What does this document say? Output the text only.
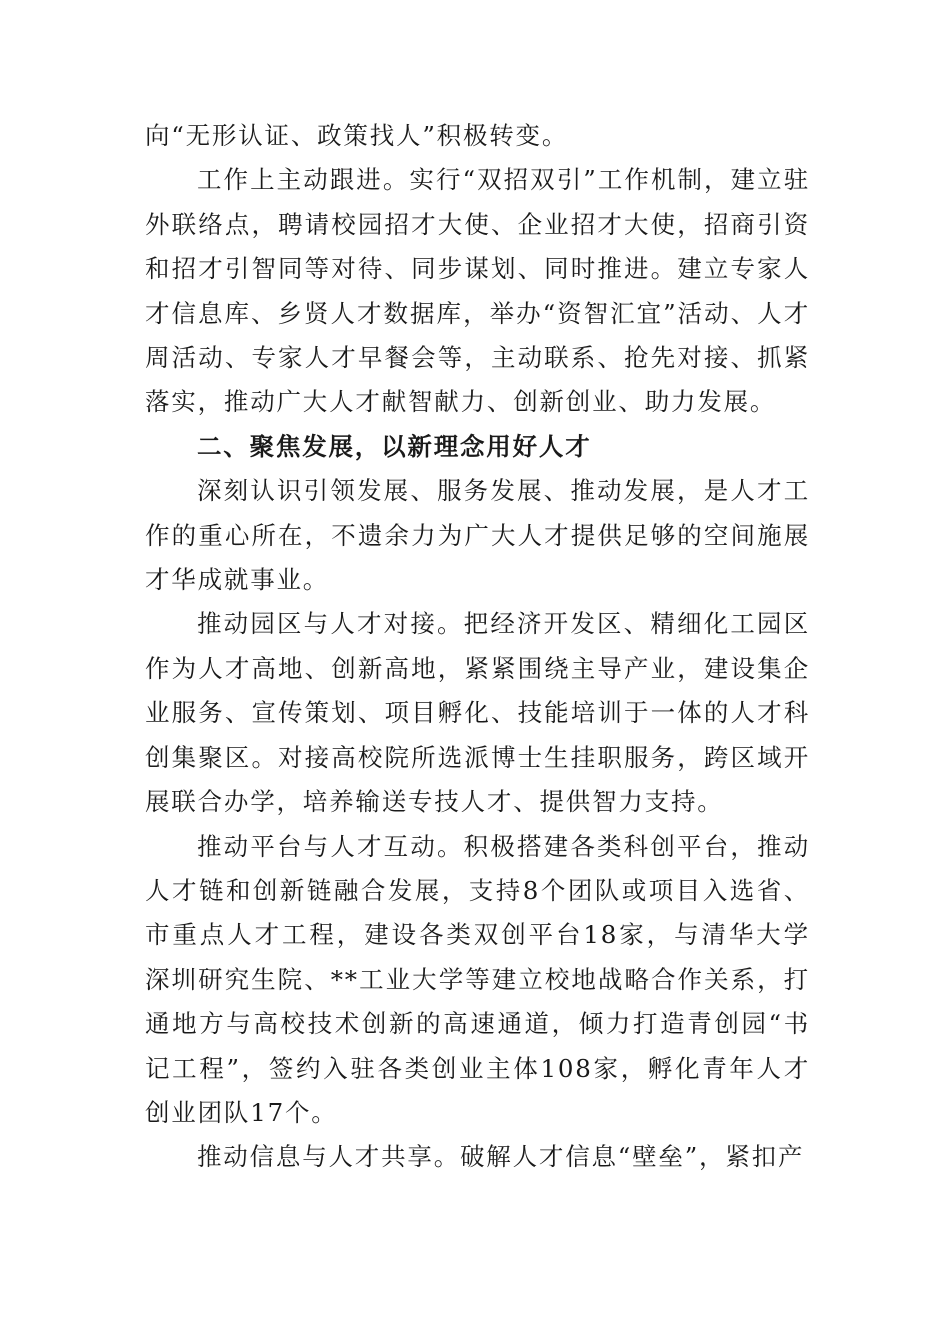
向“无形认证、政策找人”积极转变。

工作上主动跟进。实行“双招双引”工作机制，建立驻外联络点，聘请校园招才大使、企业招才大使，招商引资和招才引智同等对待、同步谋划、同时推进。建立专家人才信息库、乡贤人才数据库，举办“资智汇宜”活动、人才周活动、专家人才早餐会等，主动联系、抢先对接、抓紧落实，推动广大人才献智献力、创新创业、助力发展。

二、聚焦发展，以新理念用好人才

深刻认识引领发展、服务发展、推动发展，是人才工作的重心所在，不遗余力为广大人才提供足够的空间施展才华成就事业。

推动园区与人才对接。把经济开发区、精细化工园区作为人才高地、创新高地，紧紧围绕主导产业，建设集企业服务、宣传策划、项目孵化、技能培训于一体的人才科创集聚区。对接高校院所选派博士生挂职服务，跨区域开展联合办学，培养输送专技人才、提供智力支持。

推动平台与人才互动。积极搭建各类科创平台，推动人才链和创新链融合发展，支持8个团队或项目入选省、市重点人才工程，建设各类双创平台18家，与清华大学深圳研究生院、**工业大学等建立校地战略合作关系，打通地方与高校技术创新的高速通道，倾力打造青创园“书记工程”，签约入驻各类创业主体108家，孵化青年人才创业团队17个。

推动信息与人才共享。破解人才信息“壁垒”，紧扣产
